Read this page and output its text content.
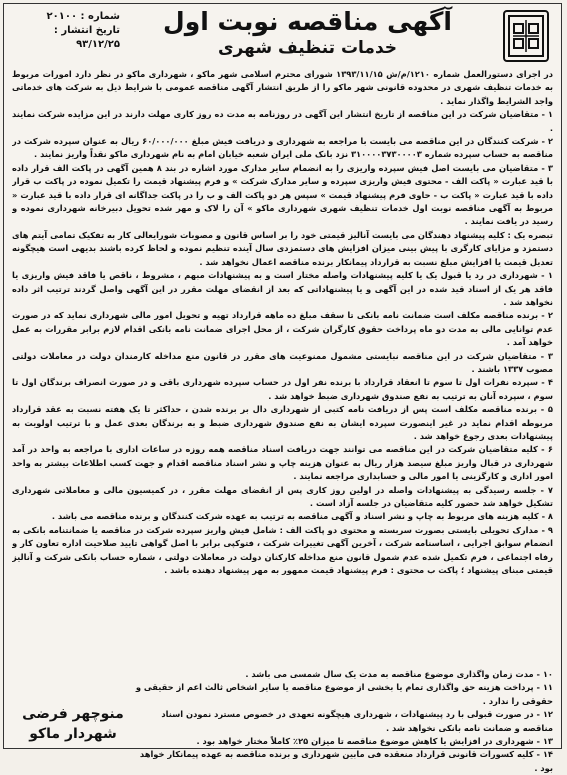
آگهی مناقصه نوبت اول
خدمات تنظیف شهری
شماره : ۲۰۱۰۰
تاریخ انتشار :
۹۳/۱۲/۲۵

در اجرای دستورالعمل شماره ۱۲۱۰/م/ش ۱۳۹۳/۱۱/۱۵ شورای محترم اسلامی شهر ماکو ، شهرداری ماکو در نظر دارد امورات مربوط به خدمات تنظیف شهری در محدوده قانونی شهر ماکو را از طریق انتشار آگهی مناقصه عمومی با شرایط ذیل به شرکت های خدماتی واجد الشرایط واگذار نماید .

۱ - متقاضیان شرکت در این مناقصه از تاریخ انتشار این آگهی در روزنامه به مدت ده روز کاری مهلت دارند در این مزایده شرکت نمایند .

۲ - شرکت کنندگان در این مناقصه می بایست با مراجعه به شهرداری و دریافت فیش مبلغ ۶۰/۰۰۰/۰۰۰ ریال به عنوان سپرده شرکت در مناقصه به حساب سپرده شماره ۳۱۰۰۰۰۳۷۳۰۰۰۰۳ نزد بانک ملی ایران شعبه خیابان امام به نام شهرداری ماکو نقداً واریز نمایند .

۳ - متقاضیان می بایست اصل فیش سپرده واریزی را به انضمام سایر مدارک مورد اشاره در بند ۸ همین آگهی در پاکت الف قرار داده با قید عبارت « پاکت الف - محتوی فیش واریزی سپرده و سایر مدارک شرکت » و فرم پیشنهاد قیمت را تکمیل نموده در پاکت ب قرار داده با قید عبارت « پاکت ب - حاوی فرم پیشنهاد قیمت » سپس هر دو پاکت الف و ب را در پاکت جداگانه ای قرار داده با قید عبارت « مربوط به آگهی مناقصه نوبت اول خدمات تنظیف شهری شهرداری ماکو » آن را لاک و مهر شده تحویل دبیرخانه شهرداری نموده و رسید در یافت نمایند .

تبصره یک : کلیه پیشنهاد دهندگان می بایست آنالیز قیمتی خود را بر اساس قانون و مصوبات شورایعالی کار به تفکیک تمامی آیتم های دستمزد و مزایای کارگری با پیش بینی میزان افزایش های دستمزدی سال آینده تنظیم نموده و لحاظ کرده باشند بدیهی است هیچگونه تعدیل قیمت یا افزایش مبلغ نسبت به قرارداد پیمانکار برنده مناقصه اعمال نخواهد شد .

۱ - شهرداری در رد یا قبول یک یا کلیه پیشنهادات واصله مختار است و به پیشنهادات مبهم ، مشروط ، ناقص یا فاقد فیش واریزی یا فاقد هر یک از اسناد قید شده در این آگهی و یا پیشنهاداتی که بعد از انقضای مهلت مقرر در این آگهی واصل گردند ترتیب اثر داده نخواهد شد .

۲ - برنده مناقصه مکلف است ضمانت نامه بانکی تا سقف مبلغ ده ماهه قرارداد تهیه و تحویل امور مالی شهرداری نماید که در صورت عدم توانایی مالی به مدت دو ماه پرداخت حقوق کارگران شرکت ، از محل اجرای ضمانت نامه بانکی اقدام لازم برابر مقررات به عمل خواهد آمد .

۳ - متقاضیان شرکت در این مناقصه نبایستی مشمول ممنوعیت های مقرر در قانون منع مداخله کارمندان دولت در معاملات دولتی مصوب ۱۳۳۷ باشند .

۴ - سپرده نفرات اول تا سوم تا انعقاد قرارداد با برنده نفر اول در حساب سپرده شهرداری باقی و در صورت انصراف برندگان اول تا سوم ، سپرده آنان به ترتیب به نفع صندوق شهرداری ضبط خواهد شد .

۵ - برنده مناقصه مکلف است پس از دریافت نامه کتبی از شهرداری دال بر برنده شدن ، حداکثر تا یک هفته نسبت به عقد قرارداد مربوطه اقدام نماید در غیر اینصورت سپرده ایشان به نفع صندوق شهرداری ضبط و به برندگان بعدی عمل و با ترتیب اولویت به پیشنهادات بعدی رجوع خواهد شد .

۶ - کلیه متقاضیان شرکت در این مناقصه می توانند جهت دریافت اسناد مناقصه همه روزه در ساعات اداری با مراجعه به واحد در آمد شهرداری در قبال واریز مبلغ سیصد هزار ریال به عنوان هزینه چاپ و نشر اسناد مناقصه اقدام و جهت کسب اطلاعات بیشتر به واحد امور اداری و کارگزینی یا امور مالی و حسابداری مراجعه نمایند .

۷ - جلسه رسیدگی به پیشنهادات واصله در اولین روز کاری پس از انقضای مهلت مقرر ، در کمیسیون مالی و معاملاتی شهرداری تشکیل خواهد شد حضور کلیه متقاضیان در جلسه آزاد است .

۸ - کلیه هزینه های مربوط به چاپ و نشر اسناد و آگهی مناقصه به ترتیب به عهده شرکت کنندگان و برنده مناقصه می باشد .

۹ - مدارک تحویلی بایستی بصورت سربسته و محتوی دو پاکت الف : شامل فیش واریز سپرده شرکت در مناقصه یا ضمانتنامه بانکی به انضمام سوابق اجرایی ، اساسنامه شرکت ، آخرین آگهی تغییرات شرکت ، فتوکپی برابر با اصل گواهی تایید صلاحیت اداره تعاون کار و رفاه اجتماعی ، فرم تکمیل شده عدم شمول قانون منع مداخله کارکنان دولت در معاملات دولتی ، شماره حساب بانکی شرکت و آنالیز قیمتی مبنای پیشنهاد ؛ پاکت ب محتوی : فرم پیشنهاد قیمت ممهور به مهر پیشنهاد دهنده باشد .

۱۰ - مدت زمان واگذاری موضوع مناقصه به مدت یک سال شمسی می باشد .

۱۱ - پرداخت هزینه حق واگذاری تمام یا بخشی از موضوع مناقصه یا سایر اشخاص ثالث اعم از حقیقی و حقوقی را ندارد .

۱۲ - در صورت قبولی با رد پیشنهادات ، شهرداری هیچگونه تعهدی در خصوص مسترد نمودن اسناد مناقصه و ضمانت نامه بانکی نخواهد شد .

۱۳ - شهرداری در افزایش یا کاهش موضوع مناقصه تا میزان ۲۵٪ کاملاً مختار خواهد بود .

۱۴ - کلیه کسورات قانونی قرارداد منعقده فی مابین شهرداری و برنده مناقصه به عهده پیمانکار خواهد بود .

منوچهر فرضی
شهردار ماکو
